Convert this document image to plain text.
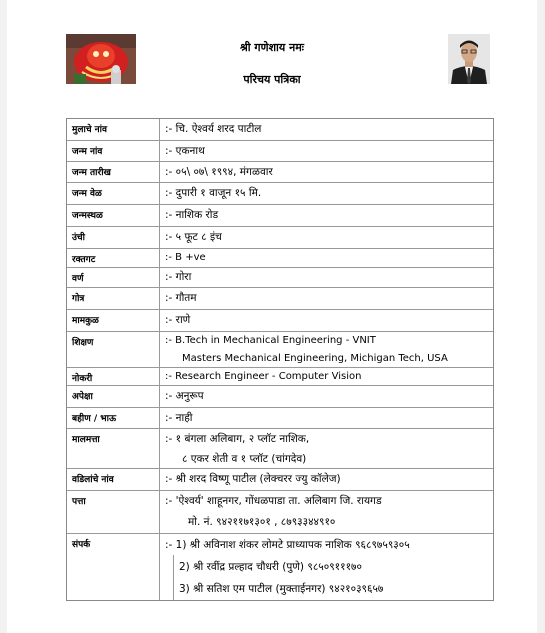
श्री गणेशाय नमः
परिचय पत्रिका
मुलाचे नांव	:- चि. ऐश्वर्य शरद पाटील
जन्म नांव	:- एकनाथ
जन्म तारीख	:- ०५\ ०७\ १९९४, मंगळवार
जन्म वेळ	:- दुपारी १ वाजून १५ मि.
जन्मस्थळ	:- नाशिक रोड
उंची	:- ५ फूट ८ इंच
रक्तगट	:- B +ve
वर्ण	:- गोरा
गोत्र	:- गौतम
मामकुळ	:- राणे
शिक्षण	:- B.Tech in Mechanical Engineering - VNIT
Masters Mechanical Engineering, Michigan Tech, USA
नोकरी	:- Research Engineer - Computer Vision
अपेक्षा	:- अनुरूप
बहीण / भाऊ	:- नाही
मालमत्ता	:- १ बंगला अलिबाग, २ प्लॉट नाशिक,
८ एकर शेती व १ प्लॉट (चांगदेव)
वडिलांचे नांव	:- श्री शरद विष्णू पाटील (लेक्चरर ज्यु कॉलेज)
पत्ता	:- 'ऐश्वर्य' शाहूनगर, गोंधळपाडा ता. अलिबाग जि. रायगड
मो. नं. ९४२११७१३०१ , ८७९३३४४९१०
संपर्क	:- 1) श्री अविनाश शंकर लोमटे प्राध्यापक नाशिक ९६८९७५९३०५
2) श्री रवींद्र प्रल्हाद चौधरी (पुणे) ९८५०९१११७०
3) श्री सतिश एम पाटील (मुक्ताईनगर) ९४२१०३९६५७
